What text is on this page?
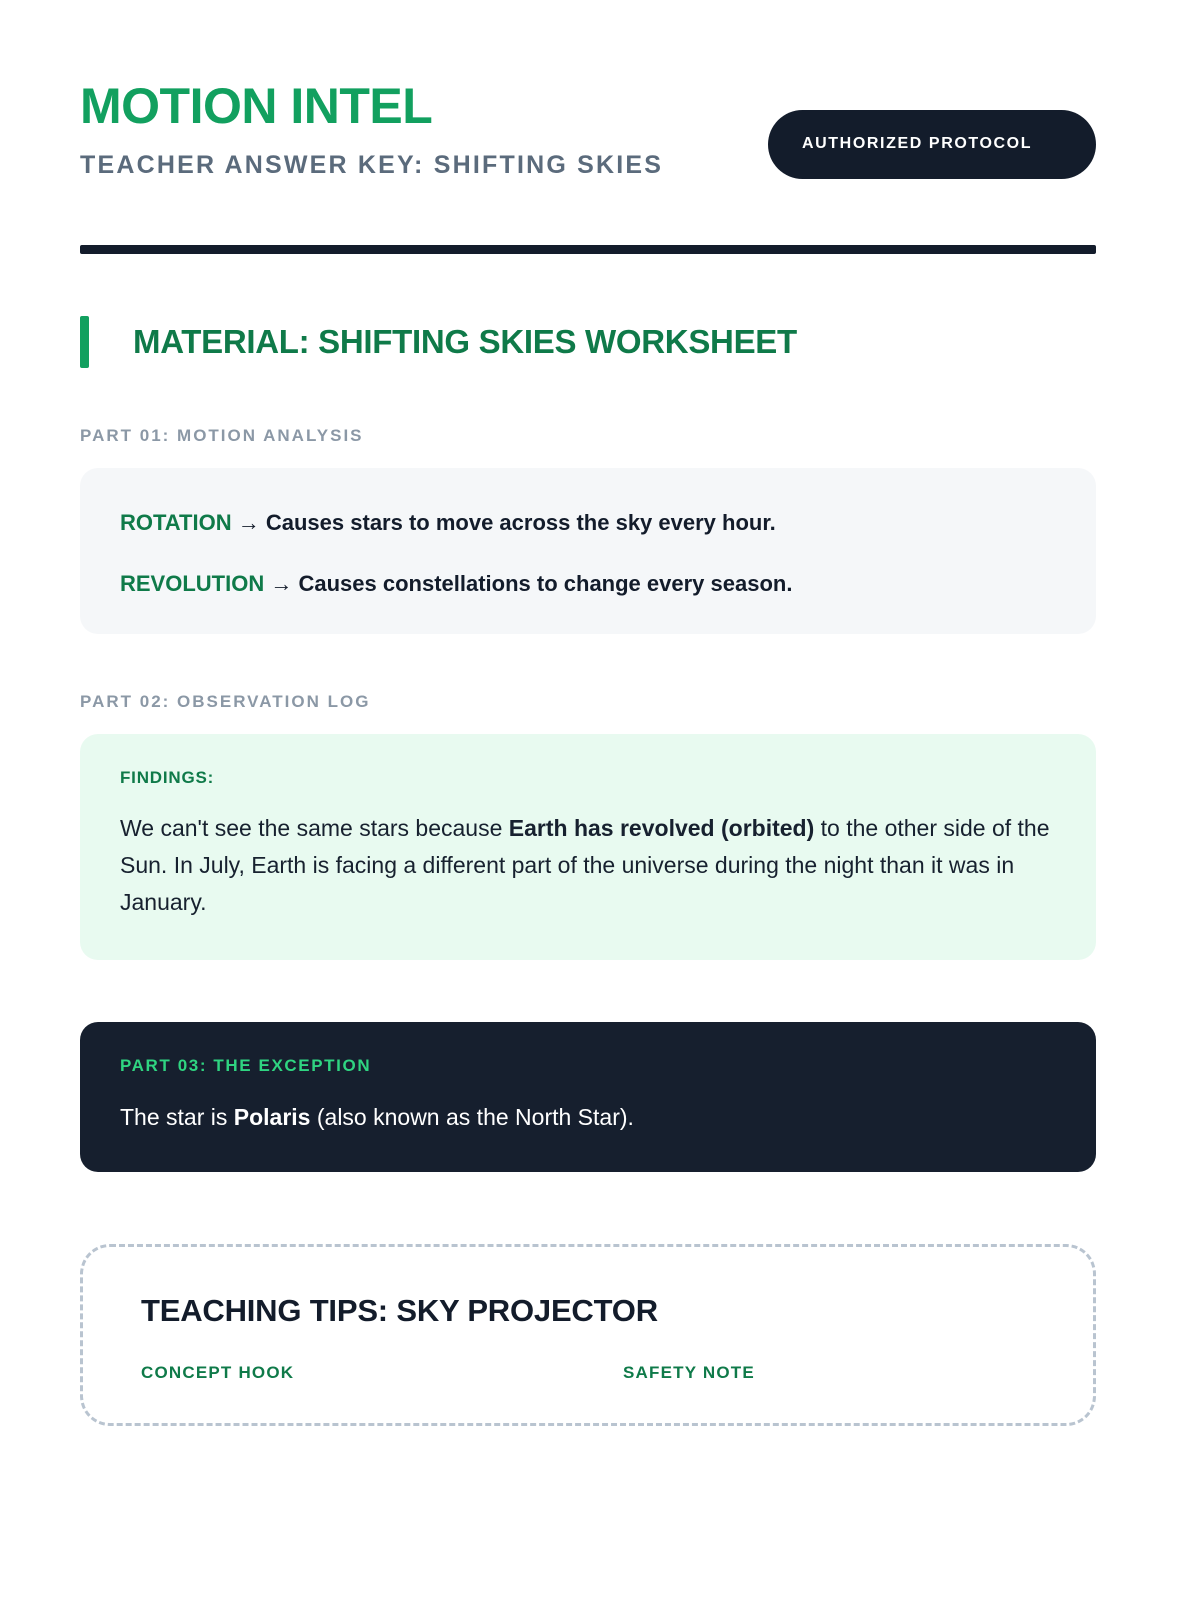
MOTION INTEL
TEACHER ANSWER KEY: SHIFTING SKIES
AUTHORIZED PROTOCOL
MATERIAL: SHIFTING SKIES WORKSHEET
PART 01: MOTION ANALYSIS
ROTATION → Causes stars to move across the sky every hour.
REVOLUTION → Causes constellations to change every season.
PART 02: OBSERVATION LOG
FINDINGS:
We can't see the same stars because Earth has revolved (orbited) to the other side of the Sun. In July, Earth is facing a different part of the universe during the night than it was in January.
PART 03: THE EXCEPTION
The star is Polaris (also known as the North Star).
TEACHING TIPS: SKY PROJECTOR
CONCEPT HOOK	SAFETY NOTE
